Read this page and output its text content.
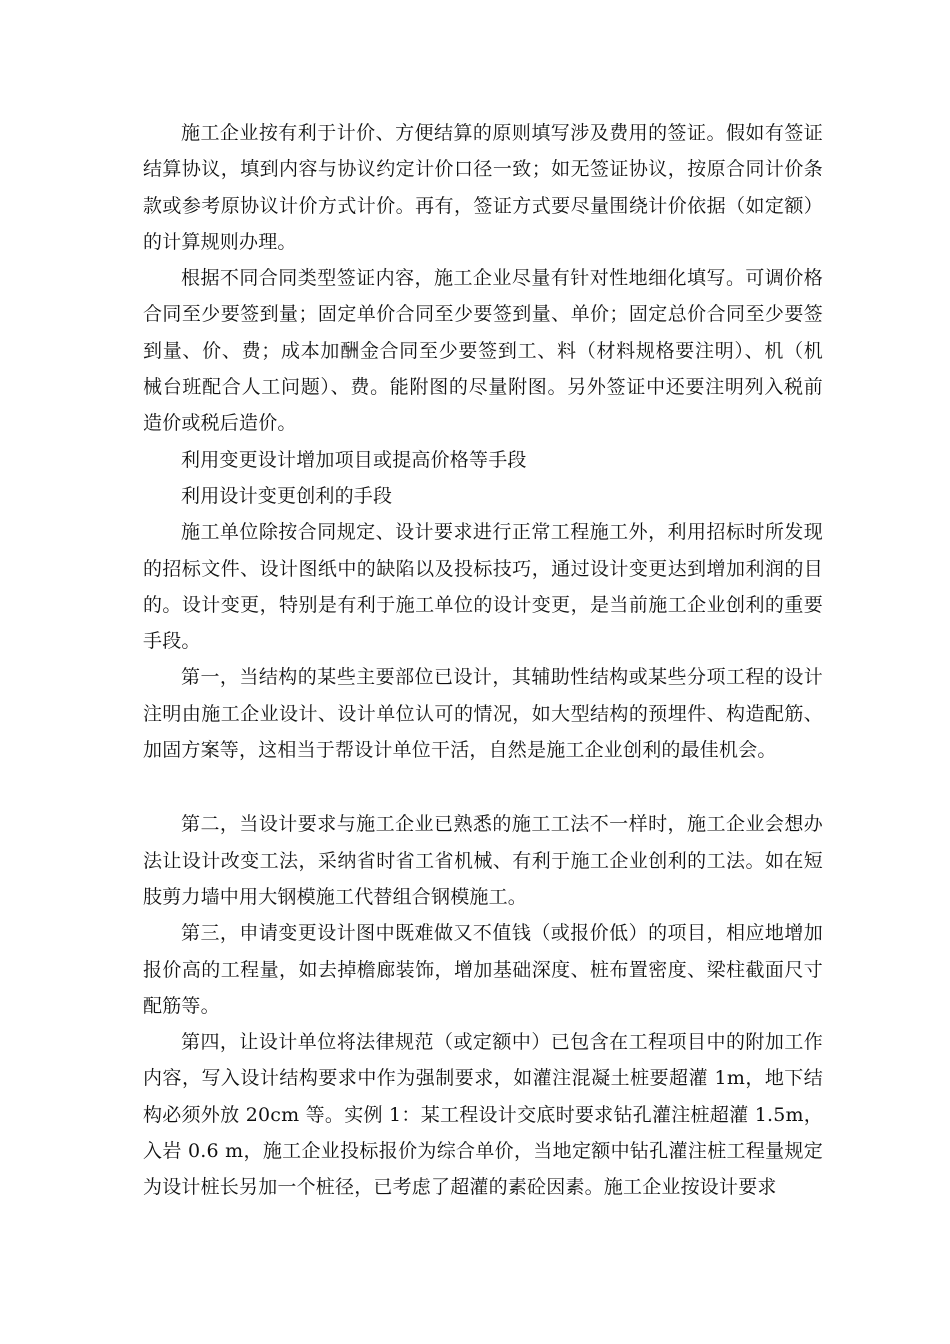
施工企业按有利于计价、方便结算的原则填写涉及费用的签证。假如有签证结算协议，填到内容与协议约定计价口径一致；如无签证协议，按原合同计价条款或参考原协议计价方式计价。再有，签证方式要尽量围绕计价依据（如定额）的计算规则办理。

根据不同合同类型签证内容，施工企业尽量有针对性地细化填写。可调价格合同至少要签到量；固定单价合同至少要签到量、单价；固定总价合同至少要签到量、价、费；成本加酬金合同至少要签到工、料（材料规格要注明）、机（机械台班配合人工问题）、费。能附图的尽量附图。另外签证中还要注明列入税前造价或税后造价。

利用变更设计增加项目或提高价格等手段

利用设计变更创利的手段

施工单位除按合同规定、设计要求进行正常工程施工外，利用招标时所发现的招标文件、设计图纸中的缺陷以及投标技巧，通过设计变更达到增加利润的目的。设计变更，特别是有利于施工单位的设计变更，是当前施工企业创利的重要手段。

第一，当结构的某些主要部位已设计，其辅助性结构或某些分项工程的设计注明由施工企业设计、设计单位认可的情况，如大型结构的预埋件、构造配筋、加固方案等，这相当于帮设计单位干活，自然是施工企业创利的最佳机会。

第二，当设计要求与施工企业已熟悉的施工工法不一样时，施工企业会想办法让设计改变工法，采纳省时省工省机械、有利于施工企业创利的工法。如在短肢剪力墙中用大钢模施工代替组合钢模施工。

第三，申请变更设计图中既难做又不值钱（或报价低）的项目，相应地增加报价高的工程量，如去掉檐廊装饰，增加基础深度、桩布置密度、梁柱截面尺寸配筋等。

第四，让设计单位将法律规范（或定额中）已包含在工程项目中的附加工作内容，写入设计结构要求中作为强制要求，如灌注混凝土桩要超灌 1m，地下结构必须外放 20cm 等。实例 1：某工程设计交底时要求钻孔灌注桩超灌 1.5m，入岩 0.6 m，施工企业投标报价为综合单价，当地定额中钻孔灌注桩工程量规定为设计桩长另加一个桩径，已考虑了超灌的素砼因素。施工企业按设计要求
